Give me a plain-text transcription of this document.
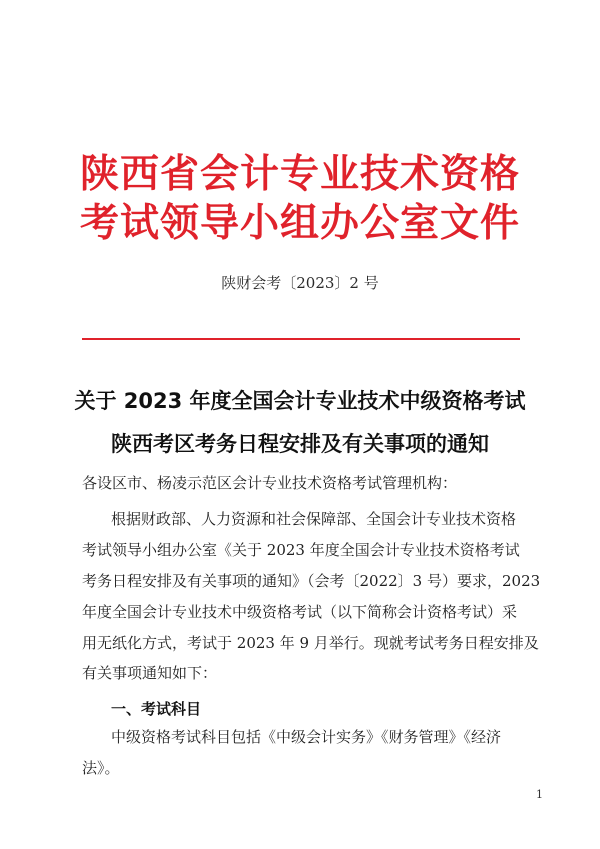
陕西省会计专业技术资格
考试领导小组办公室文件
陕财会考〔2023〕2 号
关于 2023 年度全国会计专业技术中级资格考试
陕西考区考务日程安排及有关事项的通知
各设区市、杨凌示范区会计专业技术资格考试管理机构：
根据财政部、人力资源和社会保障部、全国会计专业技术资格
考试领导小组办公室《关于 2023 年度全国会计专业技术资格考试
考务日程安排及有关事项的通知》（会考〔2022〕3 号）要求，2023
年度全国会计专业技术中级资格考试（以下简称会计资格考试）采
用无纸化方式，考试于 2023 年 9 月举行。现就考试考务日程安排及
有关事项通知如下：
一、考试科目
中级资格考试科目包括《中级会计实务》《财务管理》《经济
法》。
1
